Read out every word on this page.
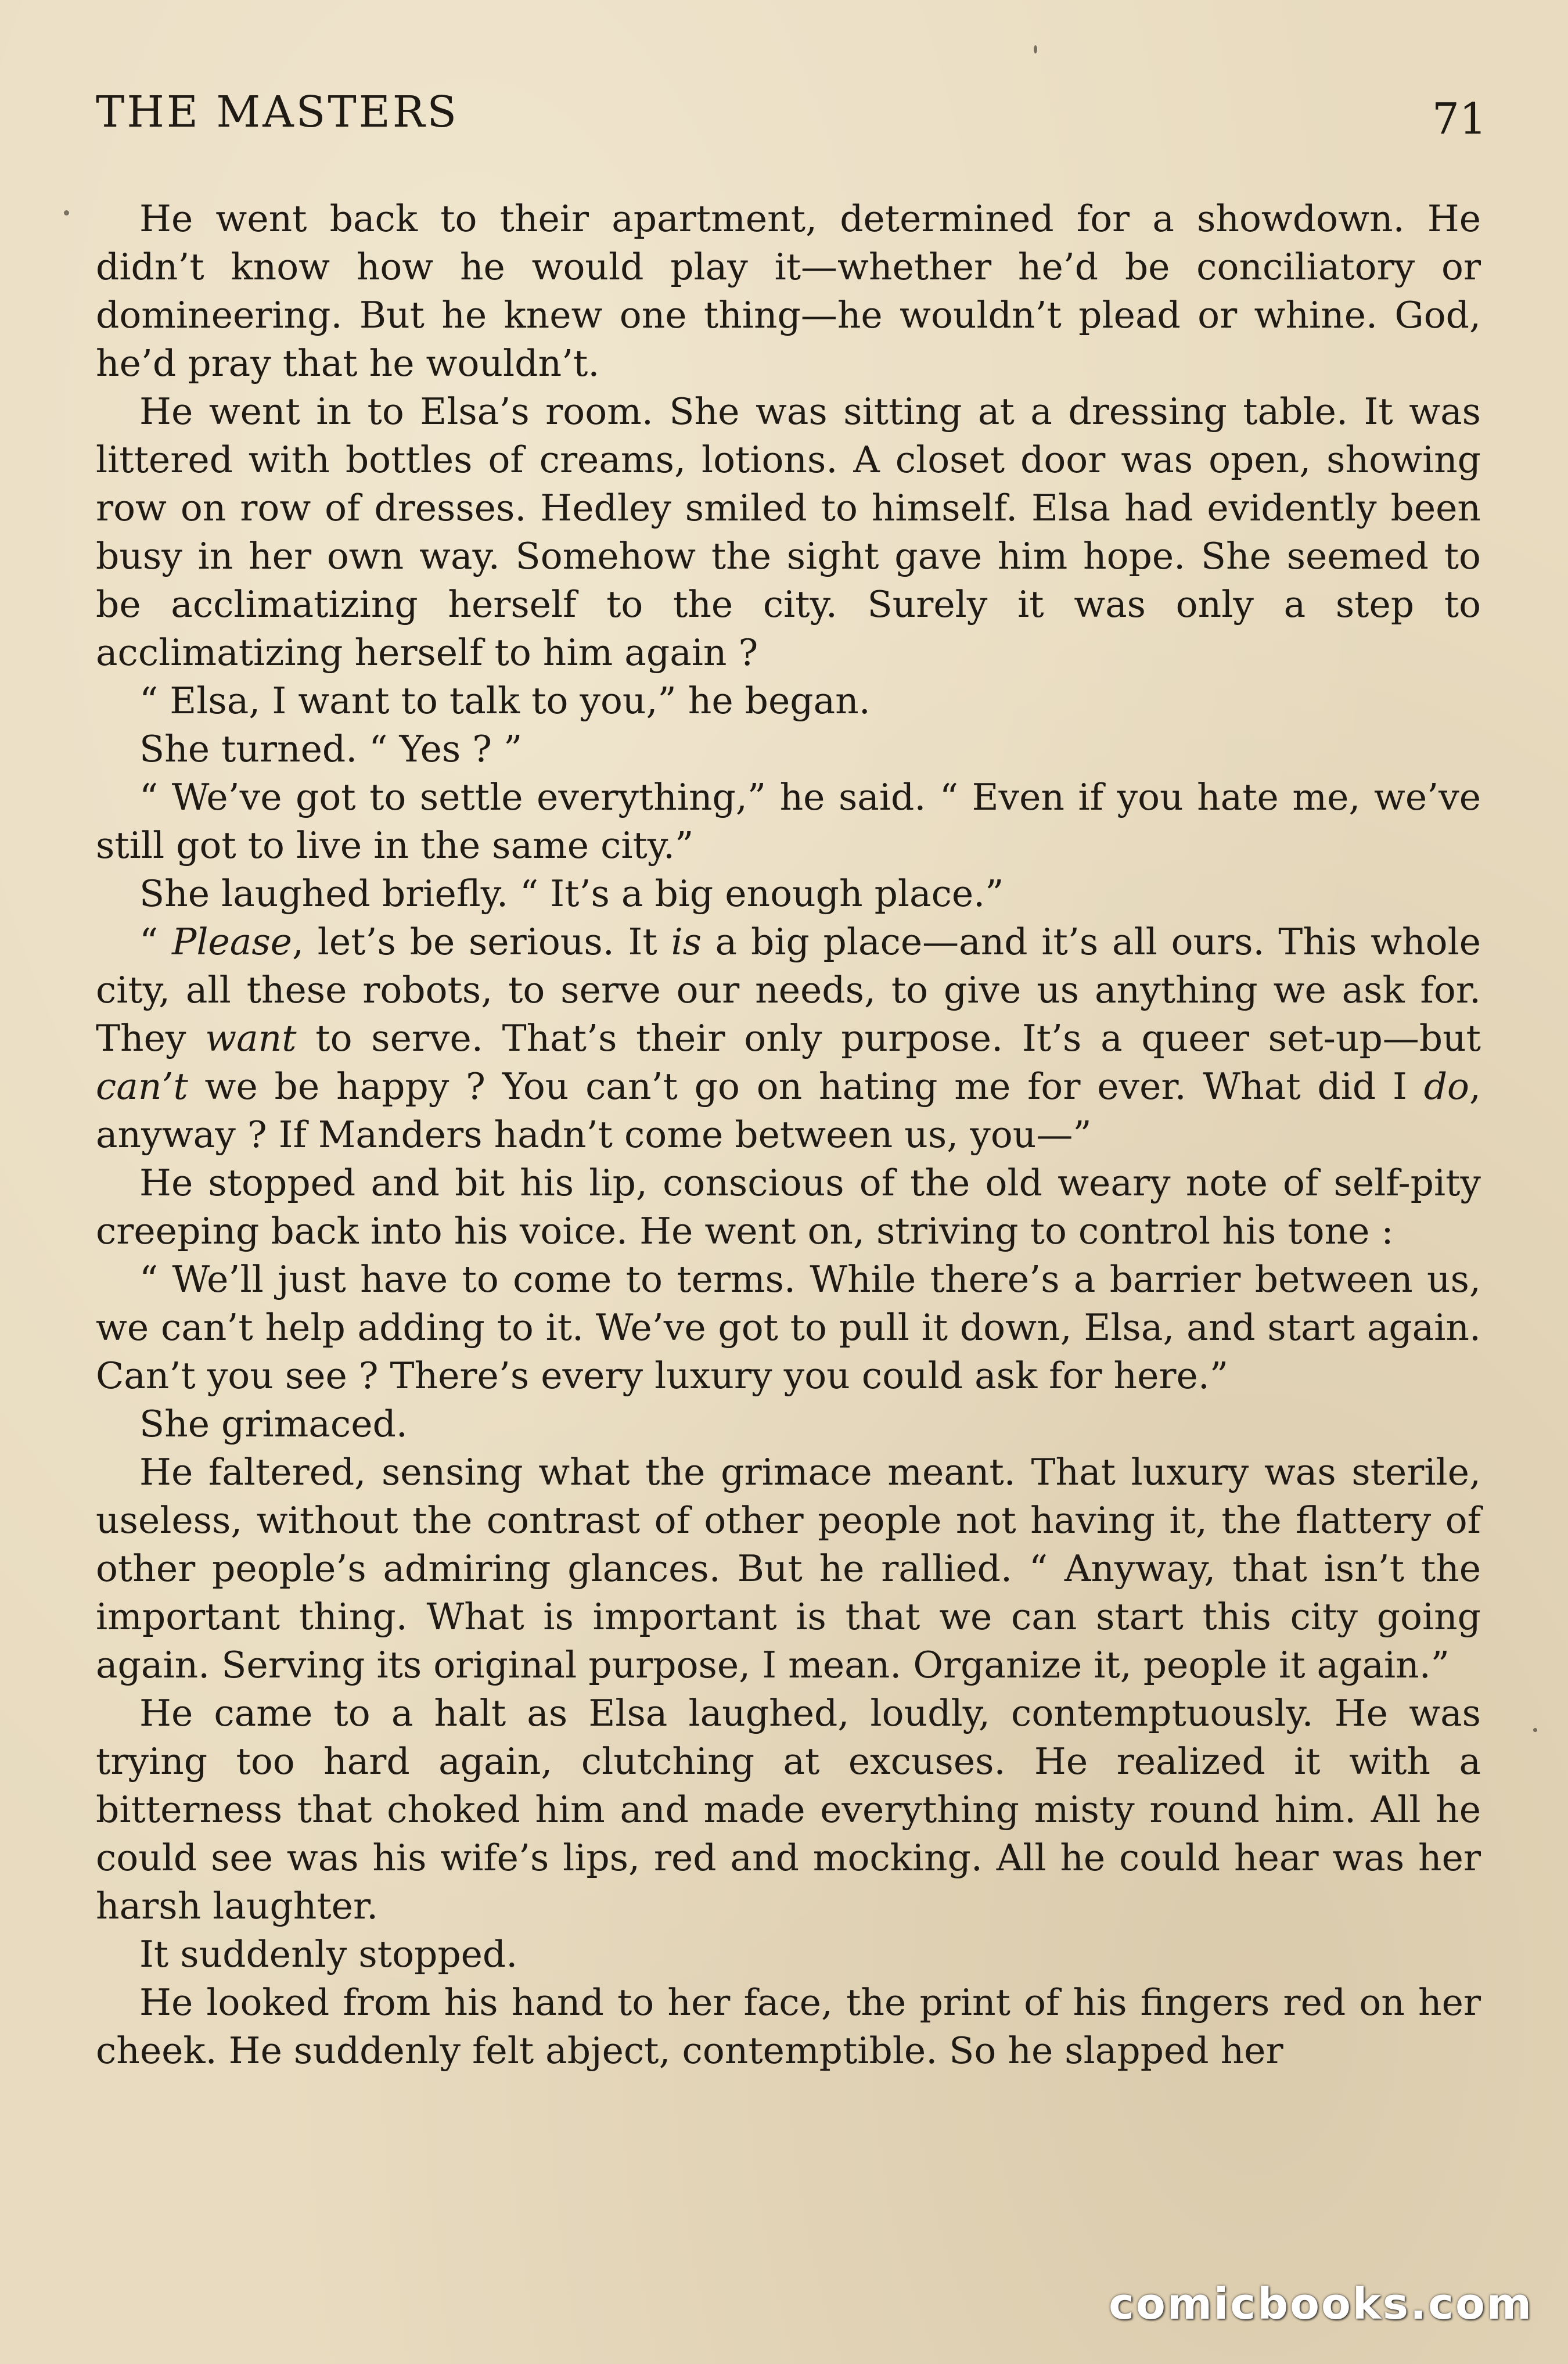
THE MASTERS	71

He went back to their apartment, determined for a showdown. He didn’t know how he would play it—whether he’d be conciliatory or domineering. But he knew one thing—he wouldn’t plead or whine. God, he’d pray that he wouldn’t.

He went in to Elsa’s room. She was sitting at a dressing table. It was littered with bottles of creams, lotions. A closet door was open, showing row on row of dresses. Hedley smiled to himself. Elsa had evidently been busy in her own way. Somehow the sight gave him hope. She seemed to be acclimatizing herself to the city. Surely it was only a step to acclimatizing herself to him again ?

“ Elsa, I want to talk to you,” he began.

She turned. “ Yes ? ”

“ We’ve got to settle everything,” he said. “ Even if you hate me, we’ve still got to live in the same city.”

She laughed briefly. “ It’s a big enough place.”

“ Please, let’s be serious. It is a big place—and it’s all ours. This whole city, all these robots, to serve our needs, to give us anything we ask for. They want to serve. That’s their only purpose. It’s a queer set-up—but can’t we be happy ? You can’t go on hating me for ever. What did I do, anyway ? If Manders hadn’t come between us, you—”

He stopped and bit his lip, conscious of the old weary note of self-pity creeping back into his voice. He went on, striving to control his tone :

“ We’ll just have to come to terms. While there’s a barrier between us, we can’t help adding to it. We’ve got to pull it down, Elsa, and start again. Can’t you see ? There’s every luxury you could ask for here.”

She grimaced.

He faltered, sensing what the grimace meant. That luxury was sterile, useless, without the contrast of other people not having it, the flattery of other people’s admiring glances. But he rallied. “ Anyway, that isn’t the important thing. What is important is that we can start this city going again. Serving its original purpose, I mean. Organize it, people it again.”

He came to a halt as Elsa laughed, loudly, contemptuously. He was trying too hard again, clutching at excuses. He realized it with a bitterness that choked him and made everything misty round him. All he could see was his wife’s lips, red and mocking. All he could hear was her harsh laughter.

It suddenly stopped.

He looked from his hand to her face, the print of his fingers red on her cheek. He suddenly felt abject, contemptible. So he slapped her

comicbooks.com
